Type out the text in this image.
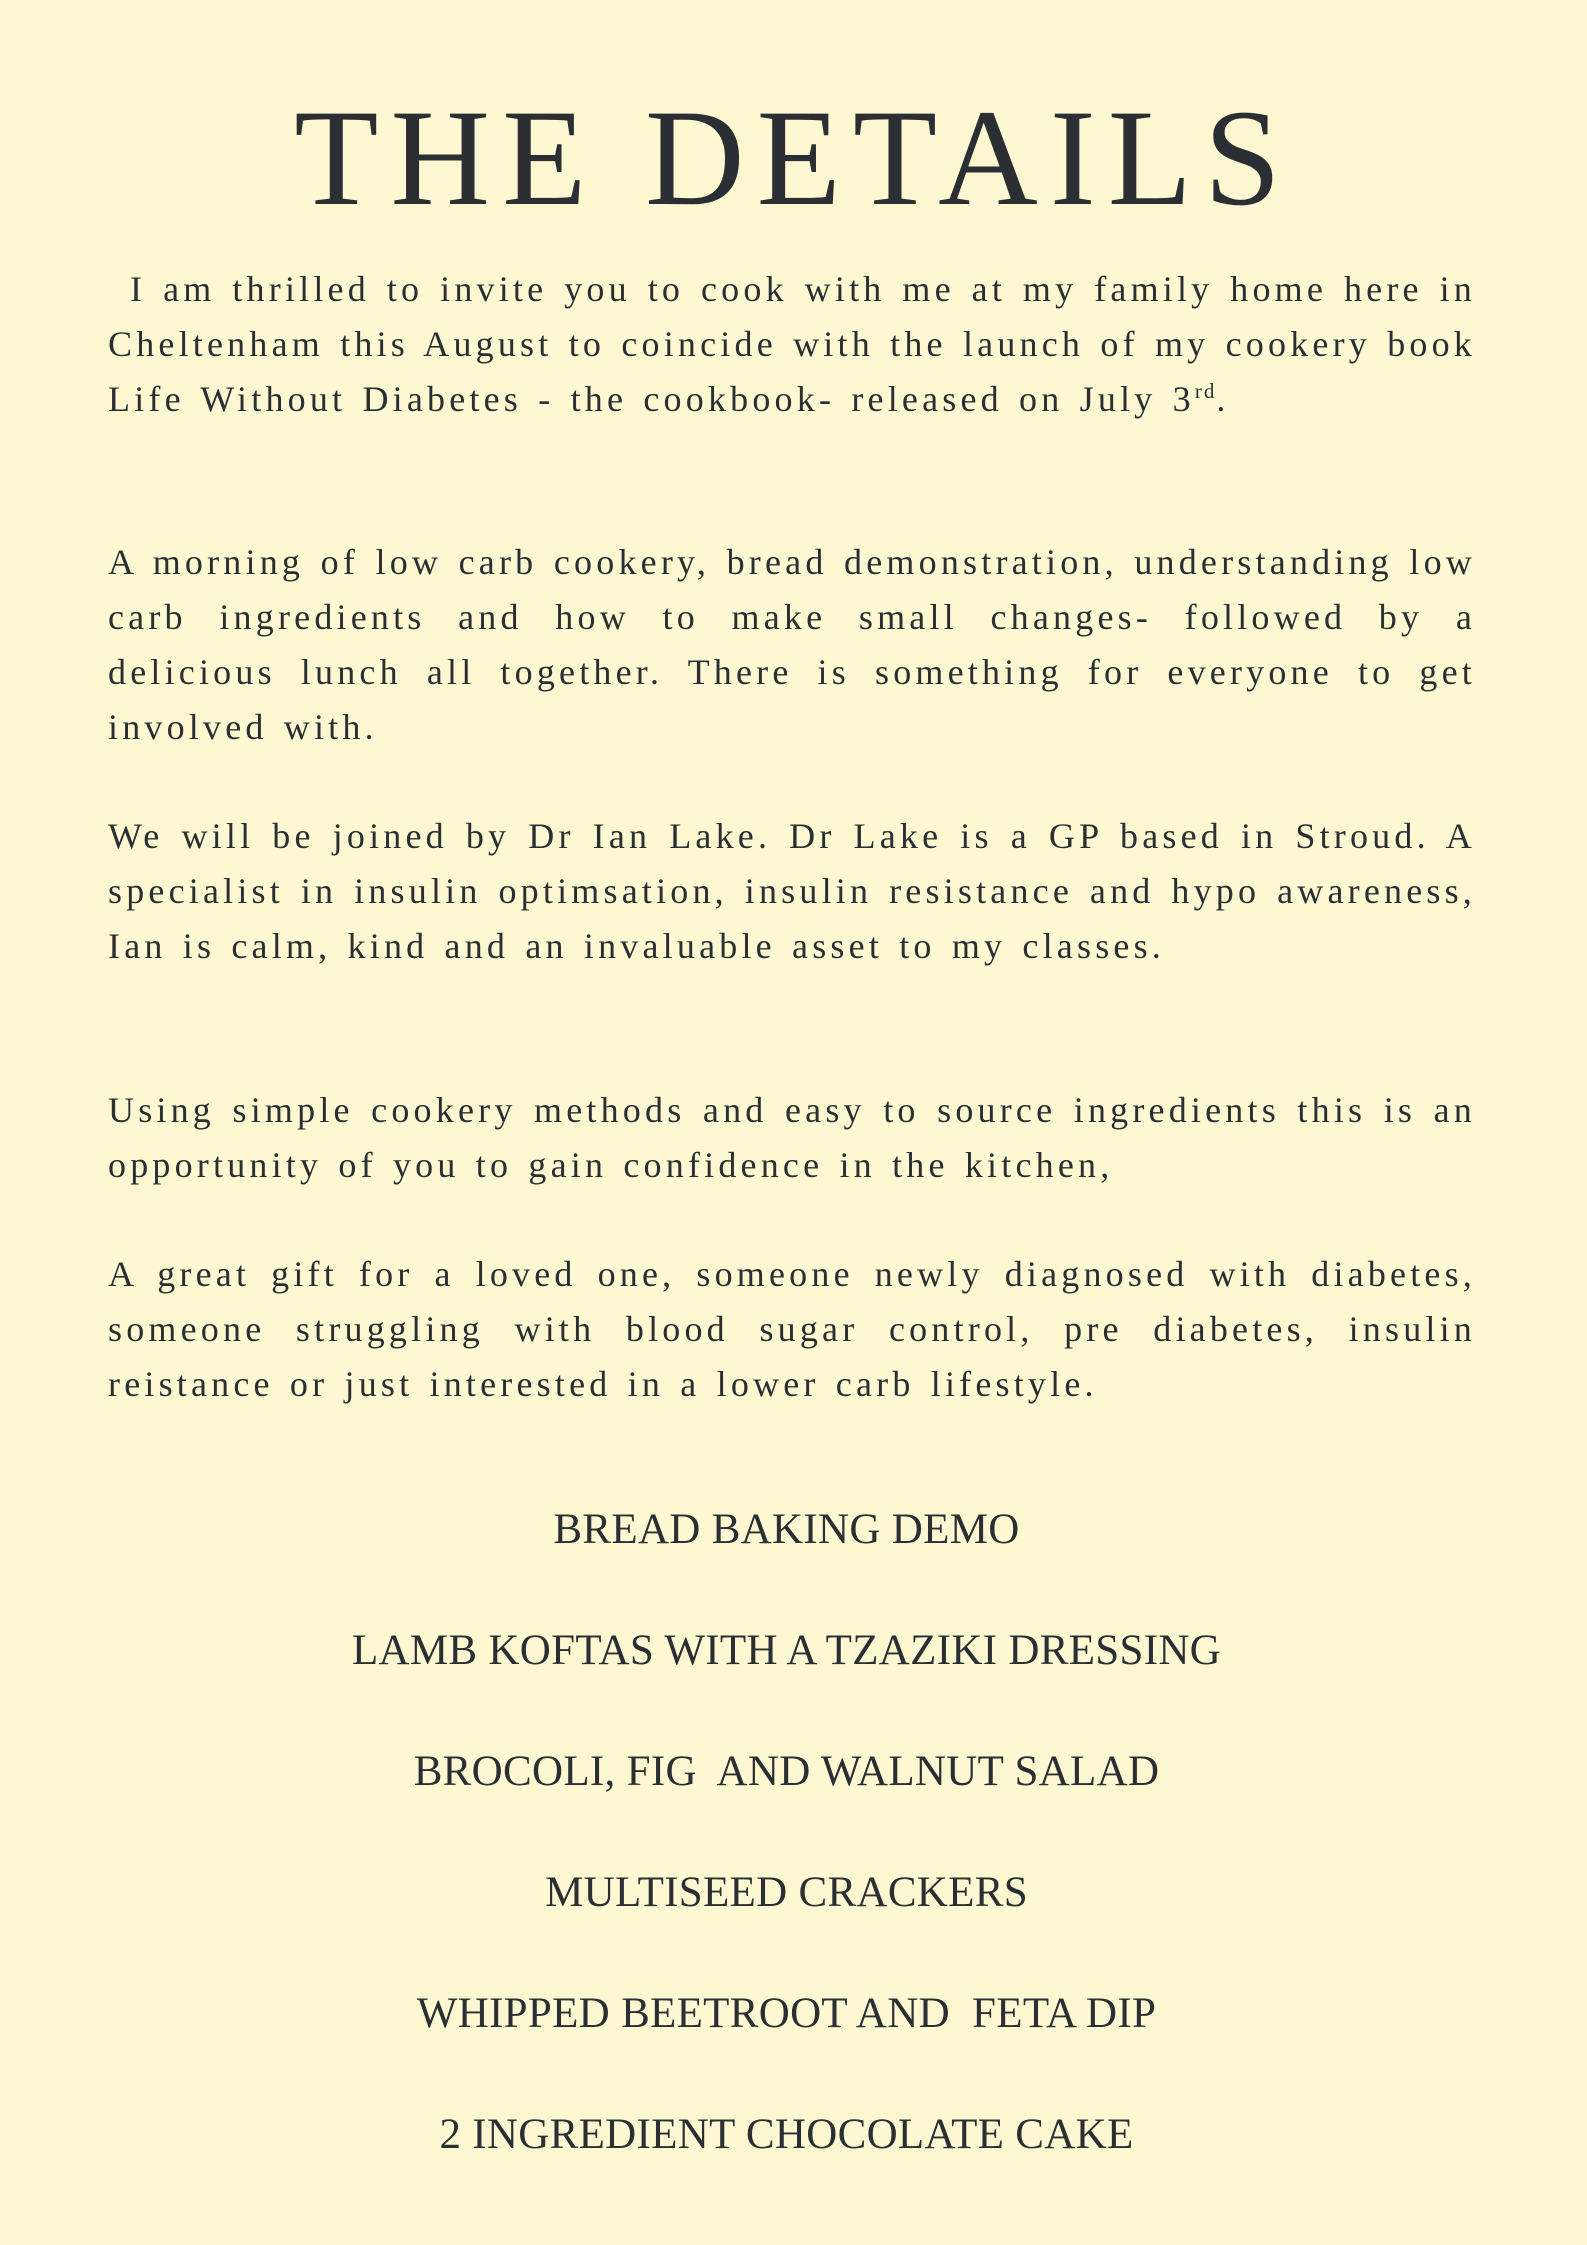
THE DETAILS

I am thrilled to invite you to cook with me at my family home here in Cheltenham this August to coincide with the launch of my cookery book Life Without Diabetes - the cookbook- released on July 3rd.

A morning of low carb cookery, bread demonstration, understanding low carb ingredients and how to make small changes- followed by a delicious lunch all together. There is something for everyone to get involved with.

We will be joined by Dr Ian Lake. Dr Lake is a GP based in Stroud. A specialist in insulin optimsation, insulin resistance and hypo awareness, Ian is calm, kind and an invaluable asset to my classes.

Using simple cookery methods and easy to source ingredients this is an opportunity of you to gain confidence in the kitchen,

A great gift for a loved one, someone newly diagnosed with diabetes, someone struggling with blood sugar control, pre diabetes, insulin reistance or just interested in a lower carb lifestyle.

BREAD BAKING DEMO
LAMB KOFTAS WITH A TZAZIKI DRESSING
BROCOLI, FIG  AND WALNUT SALAD
MULTISEED CRACKERS
WHIPPED BEETROOT AND  FETA DIP
2 INGREDIENT CHOCOLATE CAKE
